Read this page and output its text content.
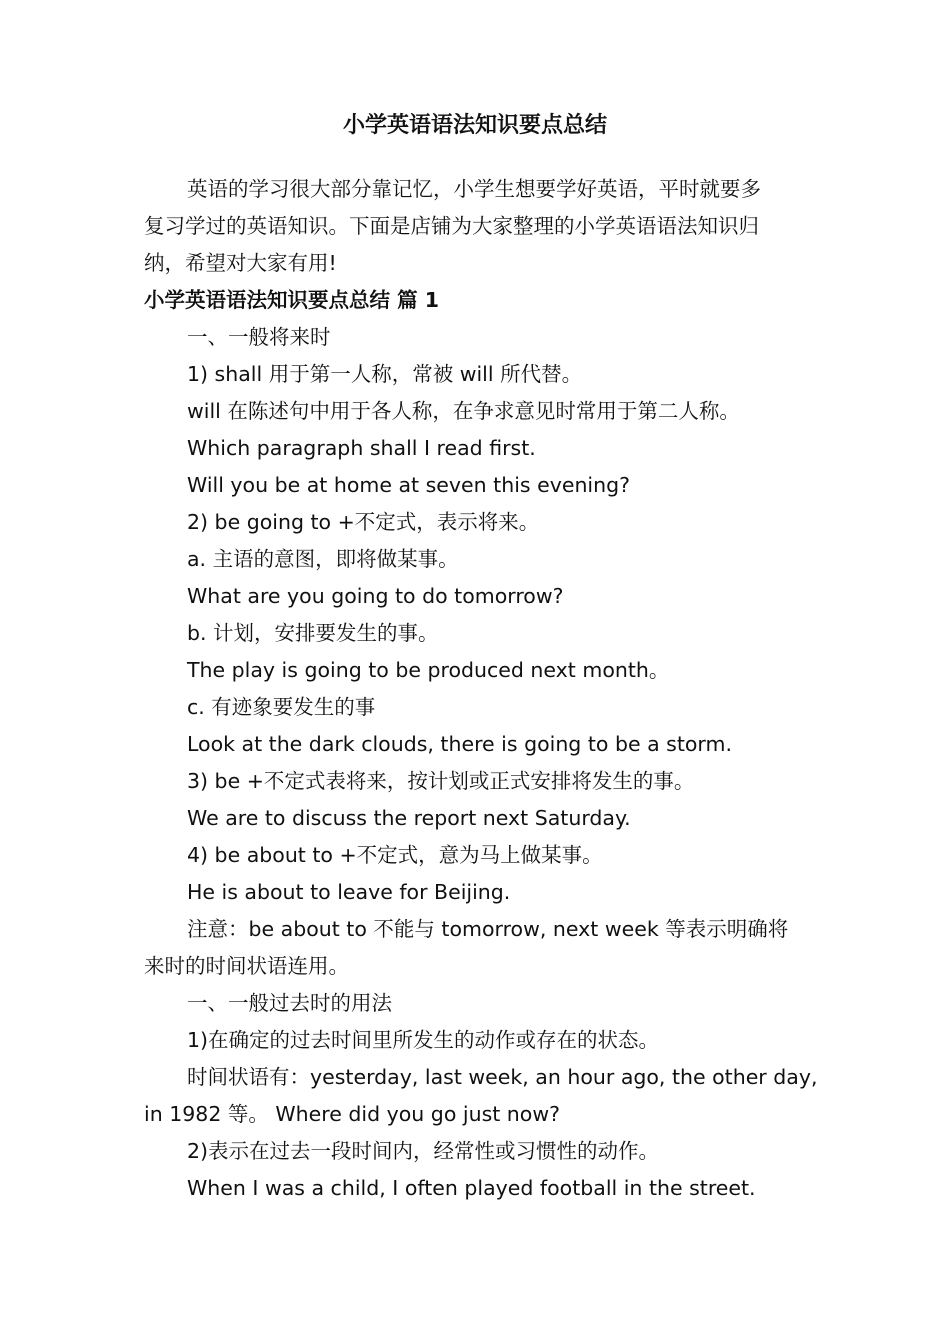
小学英语语法知识要点总结
英语的学习很大部分靠记忆，小学生想要学好英语，平时就要多
复习学过的英语知识。下面是店铺为大家整理的小学英语语法知识归
纳，希望对大家有用!
小学英语语法知识要点总结 篇 1
一、一般将来时
1) shall 用于第一人称，常被 will 所代替。
will 在陈述句中用于各人称，在争求意见时常用于第二人称。
Which paragraph shall I read first.
Will you be at home at seven this evening?
2) be going to +不定式，表示将来。
a. 主语的意图，即将做某事。
What are you going to do tomorrow?
b. 计划，安排要发生的事。
The play is going to be produced next month。
c. 有迹象要发生的事
Look at the dark clouds, there is going to be a storm.
3) be +不定式表将来，按计划或正式安排将发生的事。
We are to discuss the report next Saturday.
4) be about to +不定式，意为马上做某事。
He is about to leave for Beijing.
注意：be about to 不能与 tomorrow, next week 等表示明确将
来时的时间状语连用。
一、一般过去时的用法
1)在确定的过去时间里所发生的动作或存在的状态。
时间状语有：yesterday, last week, an hour ago, the other day,
in 1982 等。 Where did you go just now?
2)表示在过去一段时间内，经常性或习惯性的动作。
When I was a child, I often played football in the street.
